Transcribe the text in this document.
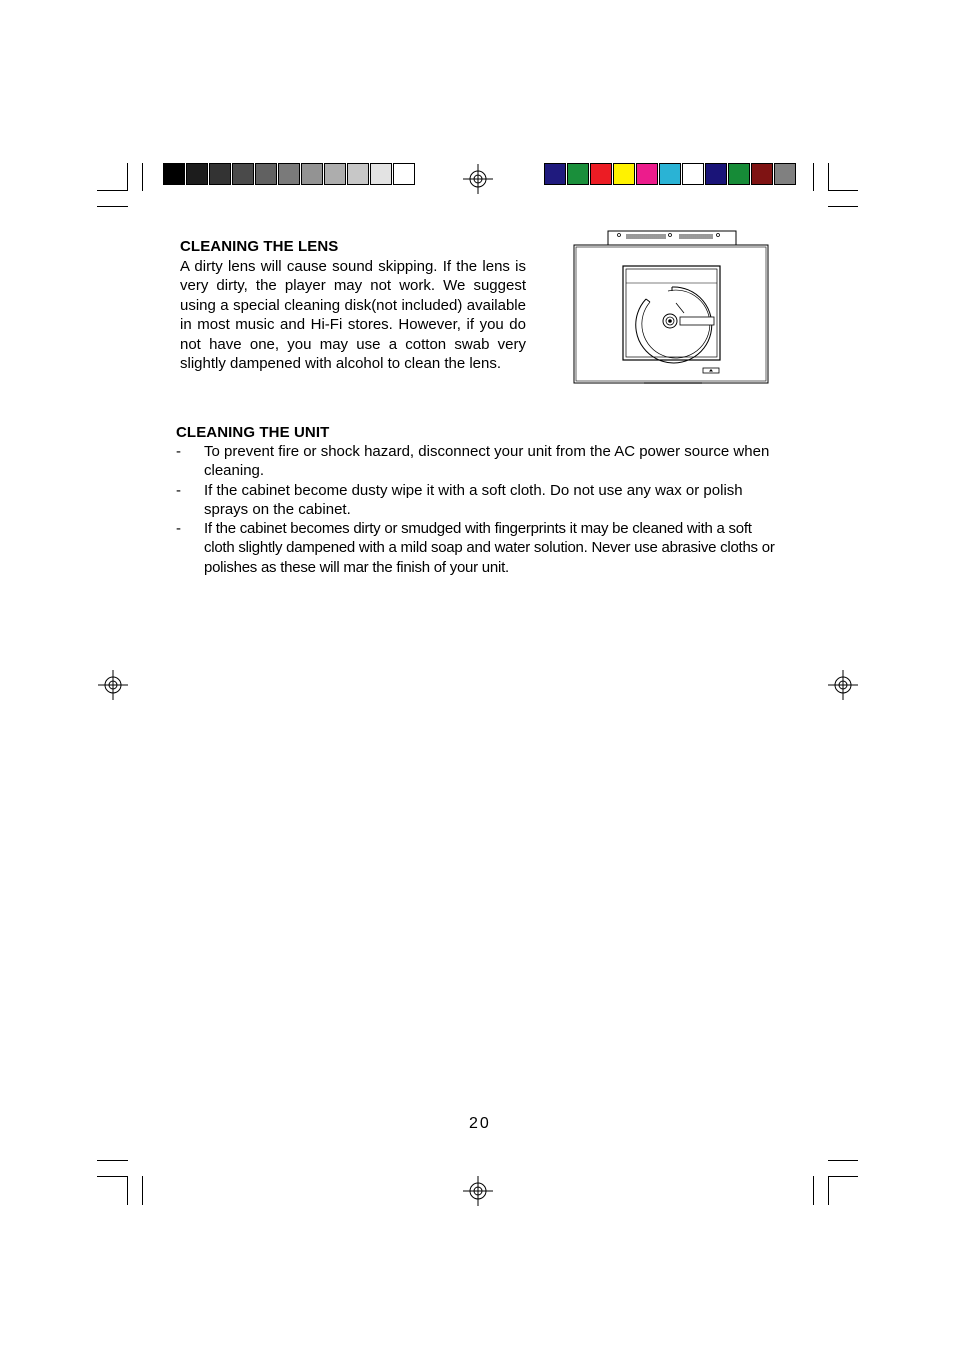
CLEANING THE LENS
A dirty lens will cause sound skipping. If the lens is very dirty, the player may not work. We suggest using a special cleaning disk(not included) available in most music and Hi-Fi stores. However, if you do not have one, you may use a cotton swab very slightly dampened with alcohol to clean the lens.
CLEANING THE UNIT
- To prevent fire or shock hazard, disconnect your unit from the AC power source when cleaning.
- If the cabinet become dusty wipe it with a soft cloth. Do not use any wax or polish sprays on the cabinet.
- If the cabinet becomes dirty or smudged with fingerprints it may be cleaned with a soft cloth slightly dampened with a mild soap and water solution. Never use abrasive cloths or polishes as these will mar the finish of your unit.
20
